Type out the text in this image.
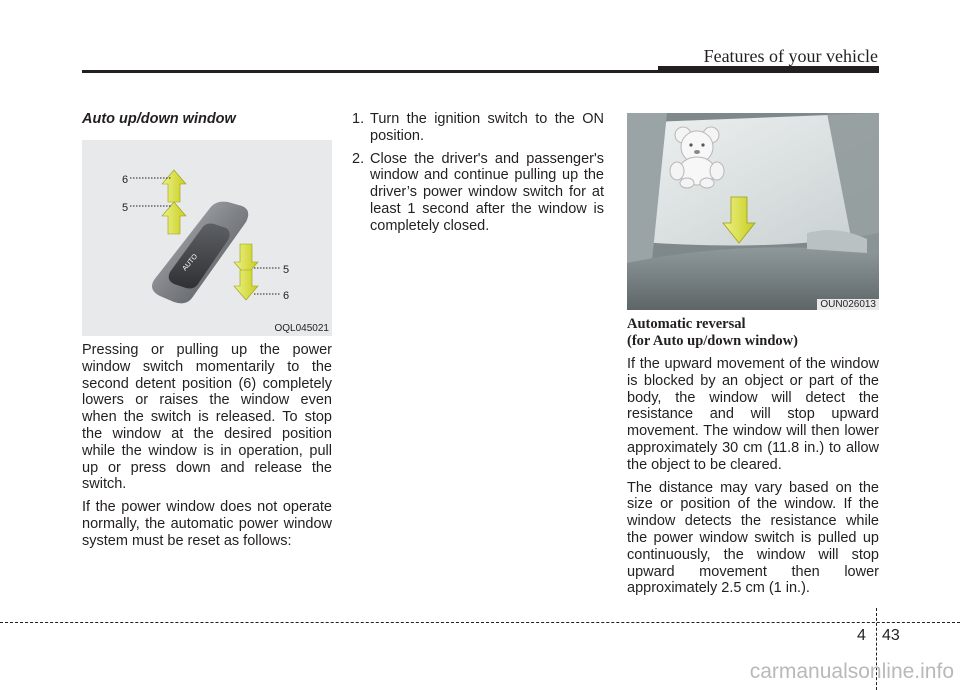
Features of your vehicle
Auto up/down window
AUTO
6
5
5
6
OQL045021

Pressing or pulling up the power window switch momentarily to the second detent position (6) completely lowers or raises the window even when the switch is released. To stop the window at the desired position while the window is in operation, pull up or press down and release the switch.

If the power window does not operate normally, the automatic power window system must be reset as follows:

1. Turn the ignition switch to the ON position.
2. Close the driver's and passenger's window and continue pulling up the driver’s power window switch for at least 1 second after the window is completely closed.
OUN026013
Automatic reversal
(for Auto up/down window)

If the upward movement of the window is blocked by an object or part of the body, the window will detect the resistance and will stop upward movement. The window will then lower approximately 30 cm (11.8 in.) to allow the object to be cleared.

The distance may vary based on the size or position of the window. If the window detects the resistance while the power window switch is pulled up continuously, the window will stop upward movement then lower approximately 2.5 cm (1 in.).

4 43
carmanualsonline.info
